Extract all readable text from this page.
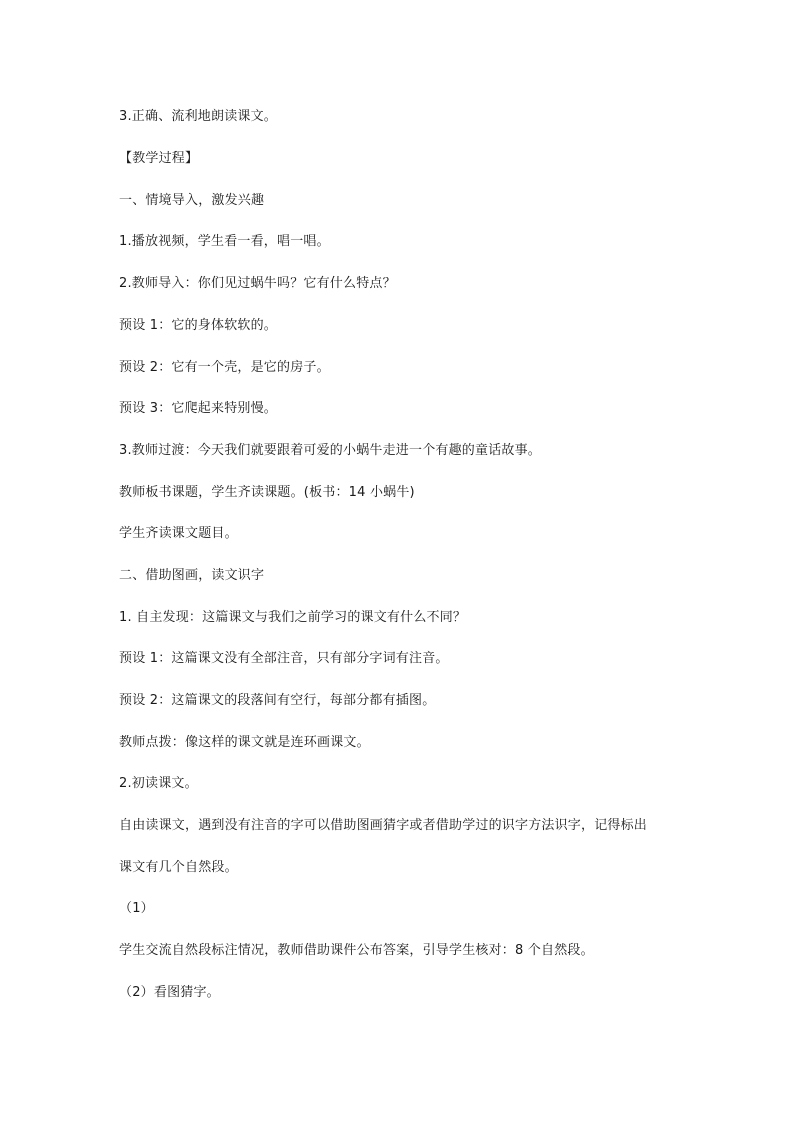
3.正确、流利地朗读课文。
【教学过程】
一、情境导入，激发兴趣
1.播放视频，学生看一看，唱一唱。
2.教师导入：你们见过蜗牛吗？它有什么特点？
预设 1：它的身体软软的。
预设 2：它有一个壳，是它的房子。
预设 3：它爬起来特别慢。
3.教师过渡：今天我们就要跟着可爱的小蜗牛走进一个有趣的童话故事。
教师板书课题，学生齐读课题。(板书：14 小蜗牛)
学生齐读课文题目。
二、借助图画，读文识字
1. 自主发现：这篇课文与我们之前学习的课文有什么不同？
预设 1：这篇课文没有全部注音，只有部分字词有注音。
预设 2：这篇课文的段落间有空行，每部分都有插图。
教师点拨：像这样的课文就是连环画课文。
2.初读课文。
自由读课文，遇到没有注音的字可以借助图画猜字或者借助学过的识字方法识字，记得标出
课文有几个自然段。
（1）
学生交流自然段标注情况，教师借助课件公布答案，引导学生核对：8 个自然段。
（2）看图猜字。
